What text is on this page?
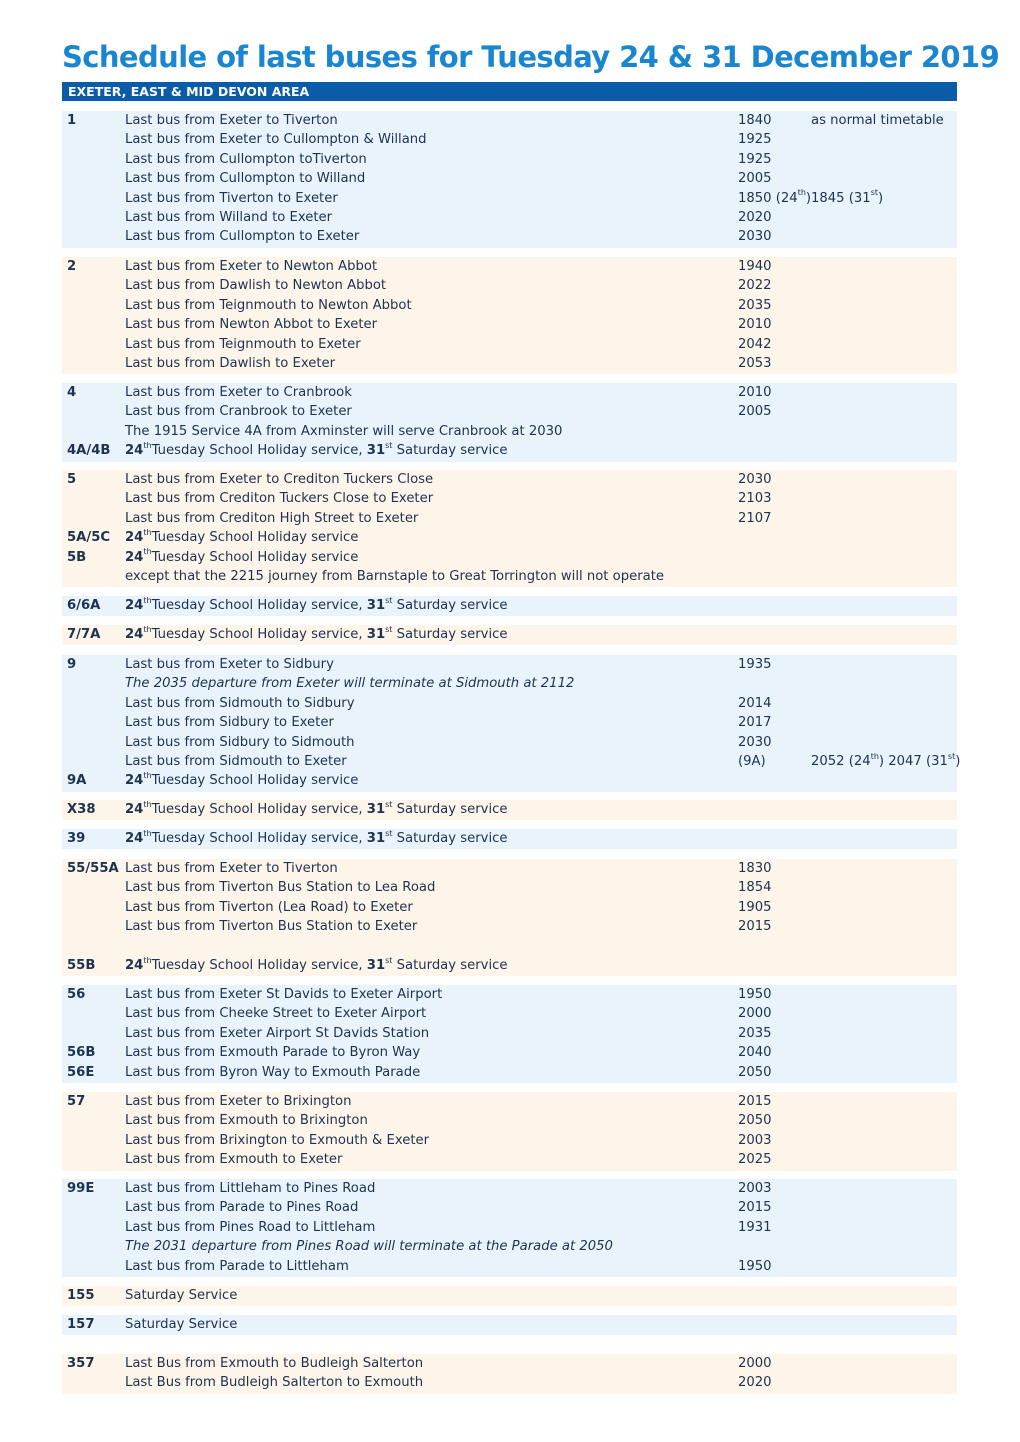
Schedule of last buses for Tuesday 24 & 31 December 2019
EXETER, EAST & MID DEVON AREA
1	Last bus from Exeter to Tiverton	1840	as normal timetable
Last bus from Exeter to Cullompton & Willand	1925
Last bus from Cullompton toTiverton	1925
Last bus from Cullompton to Willand	2005
Last bus from Tiverton to Exeter	1850 (24th) 1845 (31st)
Last bus from Willand to Exeter	2020
Last bus from Cullompton to Exeter	2030
2	Last bus from Exeter to Newton Abbot	1940
Last bus from Dawlish to Newton Abbot	2022
Last bus from Teignmouth to Newton Abbot	2035
Last bus from Newton Abbot to Exeter	2010
Last bus from Teignmouth to Exeter	2042
Last bus from Dawlish to Exeter	2053
4	Last bus from Exeter to Cranbrook	2010
Last bus from Cranbrook to Exeter	2005
The 1915 Service 4A from Axminster will serve Cranbrook at 2030
4A/4B 24thTuesday School Holiday service, 31st Saturday service
5	Last bus from Exeter to Crediton Tuckers Close	2030
Last bus from Crediton Tuckers Close to Exeter	2103
Last bus from Crediton High Street to Exeter	2107
5A/5C 24thTuesday School Holiday service
5B	24thTuesday School Holiday service
except that the 2215 journey from Barnstaple to Great Torrington will not operate
6/6A 24thTuesday School Holiday service, 31st Saturday service
7/7A 24thTuesday School Holiday service, 31st Saturday service
9	Last bus from Exeter to Sidbury	1935
The 2035 departure from Exeter will terminate at Sidmouth at 2112
Last bus from Sidmouth to Sidbury	2014
Last bus from Sidbury to Exeter	2017
Last bus from Sidbury to Sidmouth	2030
Last bus from Sidmouth to Exeter	(9A)	2052 (24th) 2047 (31st)
9A	24thTuesday School Holiday service
X38 24thTuesday School Holiday service, 31st Saturday service
39	24thTuesday School Holiday service, 31st Saturday service
55/55A Last bus from Exeter to Tiverton	1830
Last bus from Tiverton Bus Station to Lea Road	1854
Last bus from Tiverton (Lea Road) to Exeter	1905
Last bus from Tiverton Bus Station to Exeter	2015
55B 24thTuesday School Holiday service, 31st Saturday service
56	Last bus from Exeter St Davids to Exeter Airport	1950
Last bus from Cheeke Street to Exeter Airport	2000
Last bus from Exeter Airport St Davids Station	2035
56B Last bus from Exmouth Parade to Byron Way	2040
56E Last bus from Byron Way to Exmouth Parade	2050
57	Last bus from Exeter to Brixington	2015
Last bus from Exmouth to Brixington	2050
Last bus from Brixington to Exmouth & Exeter	2003
Last bus from Exmouth to Exeter	2025
99E Last bus from Littleham to Pines Road	2003
Last bus from Parade to Pines Road	2015
Last bus from Pines Road to Littleham	1931
The 2031 departure from Pines Road will terminate at the Parade at 2050
Last bus from Parade to Littleham	1950
155 Saturday Service
157 Saturday Service
357 Last Bus from Exmouth to Budleigh Salterton	2000
Last Bus from Budleigh Salterton to Exmouth	2020
